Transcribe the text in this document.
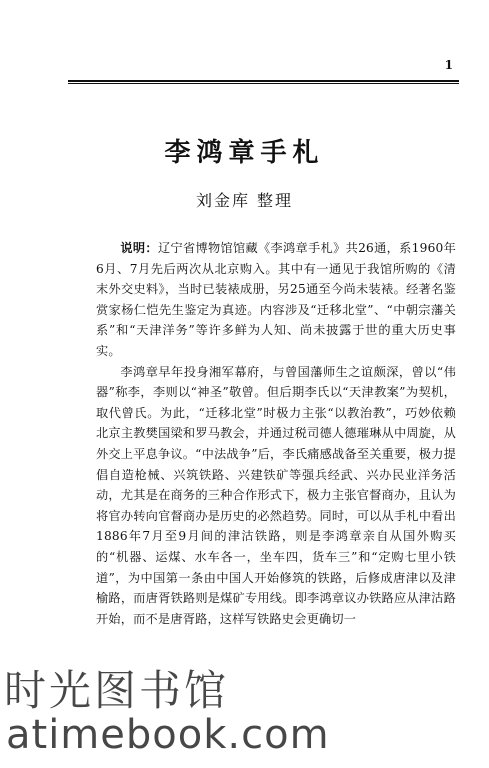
1
李鸿章手札
刘金库 整理

说明：辽宁省博物馆馆藏《李鸿章手札》共26通，系1960年6月、7月先后两次从北京购入。其中有一通见于我馆所购的《清末外交史料》，当时已装裱成册，另25通至今尚未装裱。经著名鉴赏家杨仁恺先生鉴定为真迹。内容涉及“迁移北堂”、“中朝宗藩关系”和“天津洋务”等许多鲜为人知、尚未披露于世的重大历史事实。

李鸿章早年投身湘军幕府，与曾国藩师生之谊颇深，曾以“伟器”称李，李则以“神圣”敬曾。但后期李氏以“天津教案”为契机，取代曾氏。为此，“迁移北堂”时极力主张“以教治教”，巧妙依赖北京主教樊国梁和罗马教会，并通过税司德人德璀琳从中周旋，从外交上平息争议。“中法战争”后，李氏痛感战备至关重要，极力提倡自造枪械、兴筑铁路、兴建铁矿等强兵经武、兴办民业洋务活动，尤其是在商务的三种合作形式下，极力主张官督商办，且认为将官办转向官督商办是历史的必然趋势。同时，可以从手札中看出1886年7月至9月间的津沽铁路，则是李鸿章亲自从国外购买的“机器、运煤、水车各一，坐车四，货车三”和“定购七里小铁道”，为中国第一条由中国人开始修筑的铁路，后修成唐津以及津榆路，而唐胥铁路则是煤矿专用线。即李鸿章议办铁路应从津沽路开始，而不是唐胥路，这样写铁路史会更确切一

时光图书馆
atimebook.com
